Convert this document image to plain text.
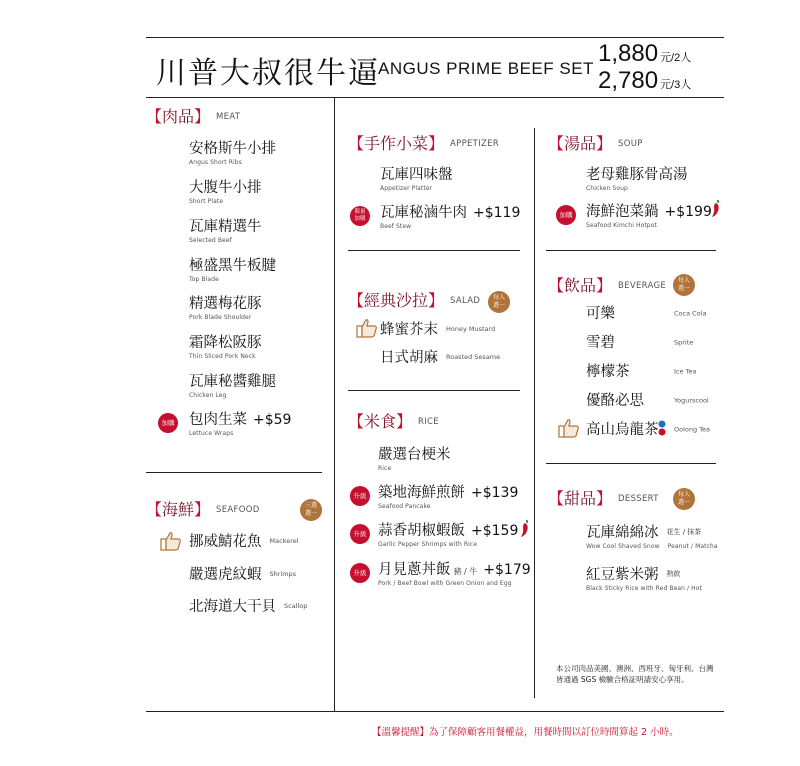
川普大叔很牛逼
ANGUS PRIME BEEF SET
1,880 元/2人
2,780 元/3人
【肉品】 MEAT
安格斯牛小排
Angus Short Ribs
大腹牛小排
Short Plate
瓦庫精選牛
Selected Beef
極盛黑牛板腱
Top Blade
精選梅花豚
Pork Blade Shoulder
霜降松阪豚
Thin Sliced Pork Neck
瓦庫秘醬雞腿
Chicken Leg
加購 包肉生菜 +$59
Lettuce Wraps
【海鮮】 SEAFOOD	三選
選一
挪威鯖花魚 Mackerel
嚴選虎紋蝦 Shrimps
北海道大干貝 Scallop
【手作小菜】 APPETIZER
瓦庫四味盤
Appetizer Platter
限量
加購	瓦庫秘滷牛肉 +$119
Beef Stew
【經典沙拉】 SALAD	每人
選一
蜂蜜芥末 Honey Mustard
日式胡麻 Roasted Sesame
【米食】 RICE
嚴選台梗米
Rice
升級 築地海鮮煎餅 +$139
Seafood Pancake
升級 蒜香胡椒蝦飯 +$159
Garlic Pepper Shrimps with Rice
升級 月見蔥丼飯 豬 / 牛 +$179
Pork / Beef Bowl with Green Onion and Egg
【湯品】 SOUP
老母雞豚骨高湯
Chicken Soup
加購 海鮮泡菜鍋 +$199
Seafood Kimchi Hotpot
【飲品】 BEVERAGE
每人
選一
可樂	Coca Cola
雪碧	Sprite
檸檬茶	Ice Tea
優酪必思	Yogurscool
高山烏龍茶 Oolong Tea
【甜品】 DESSERT	每人
選一
瓦庫綿綿冰 花生 / 抹茶
Wow Cool Shaved Snow Peanut / Matcha
紅豆紫米粥 熱飲
Black Sticky Rice with Red Bean / Hot
本公司肉品美國、澳洲、西班牙、匈牙利、台灣皆通過 SGS 檢驗合格証明請安心享用。
【溫馨提醒】為了保障顧客用餐權益，用餐時間以訂位時間算起 2 小時。
